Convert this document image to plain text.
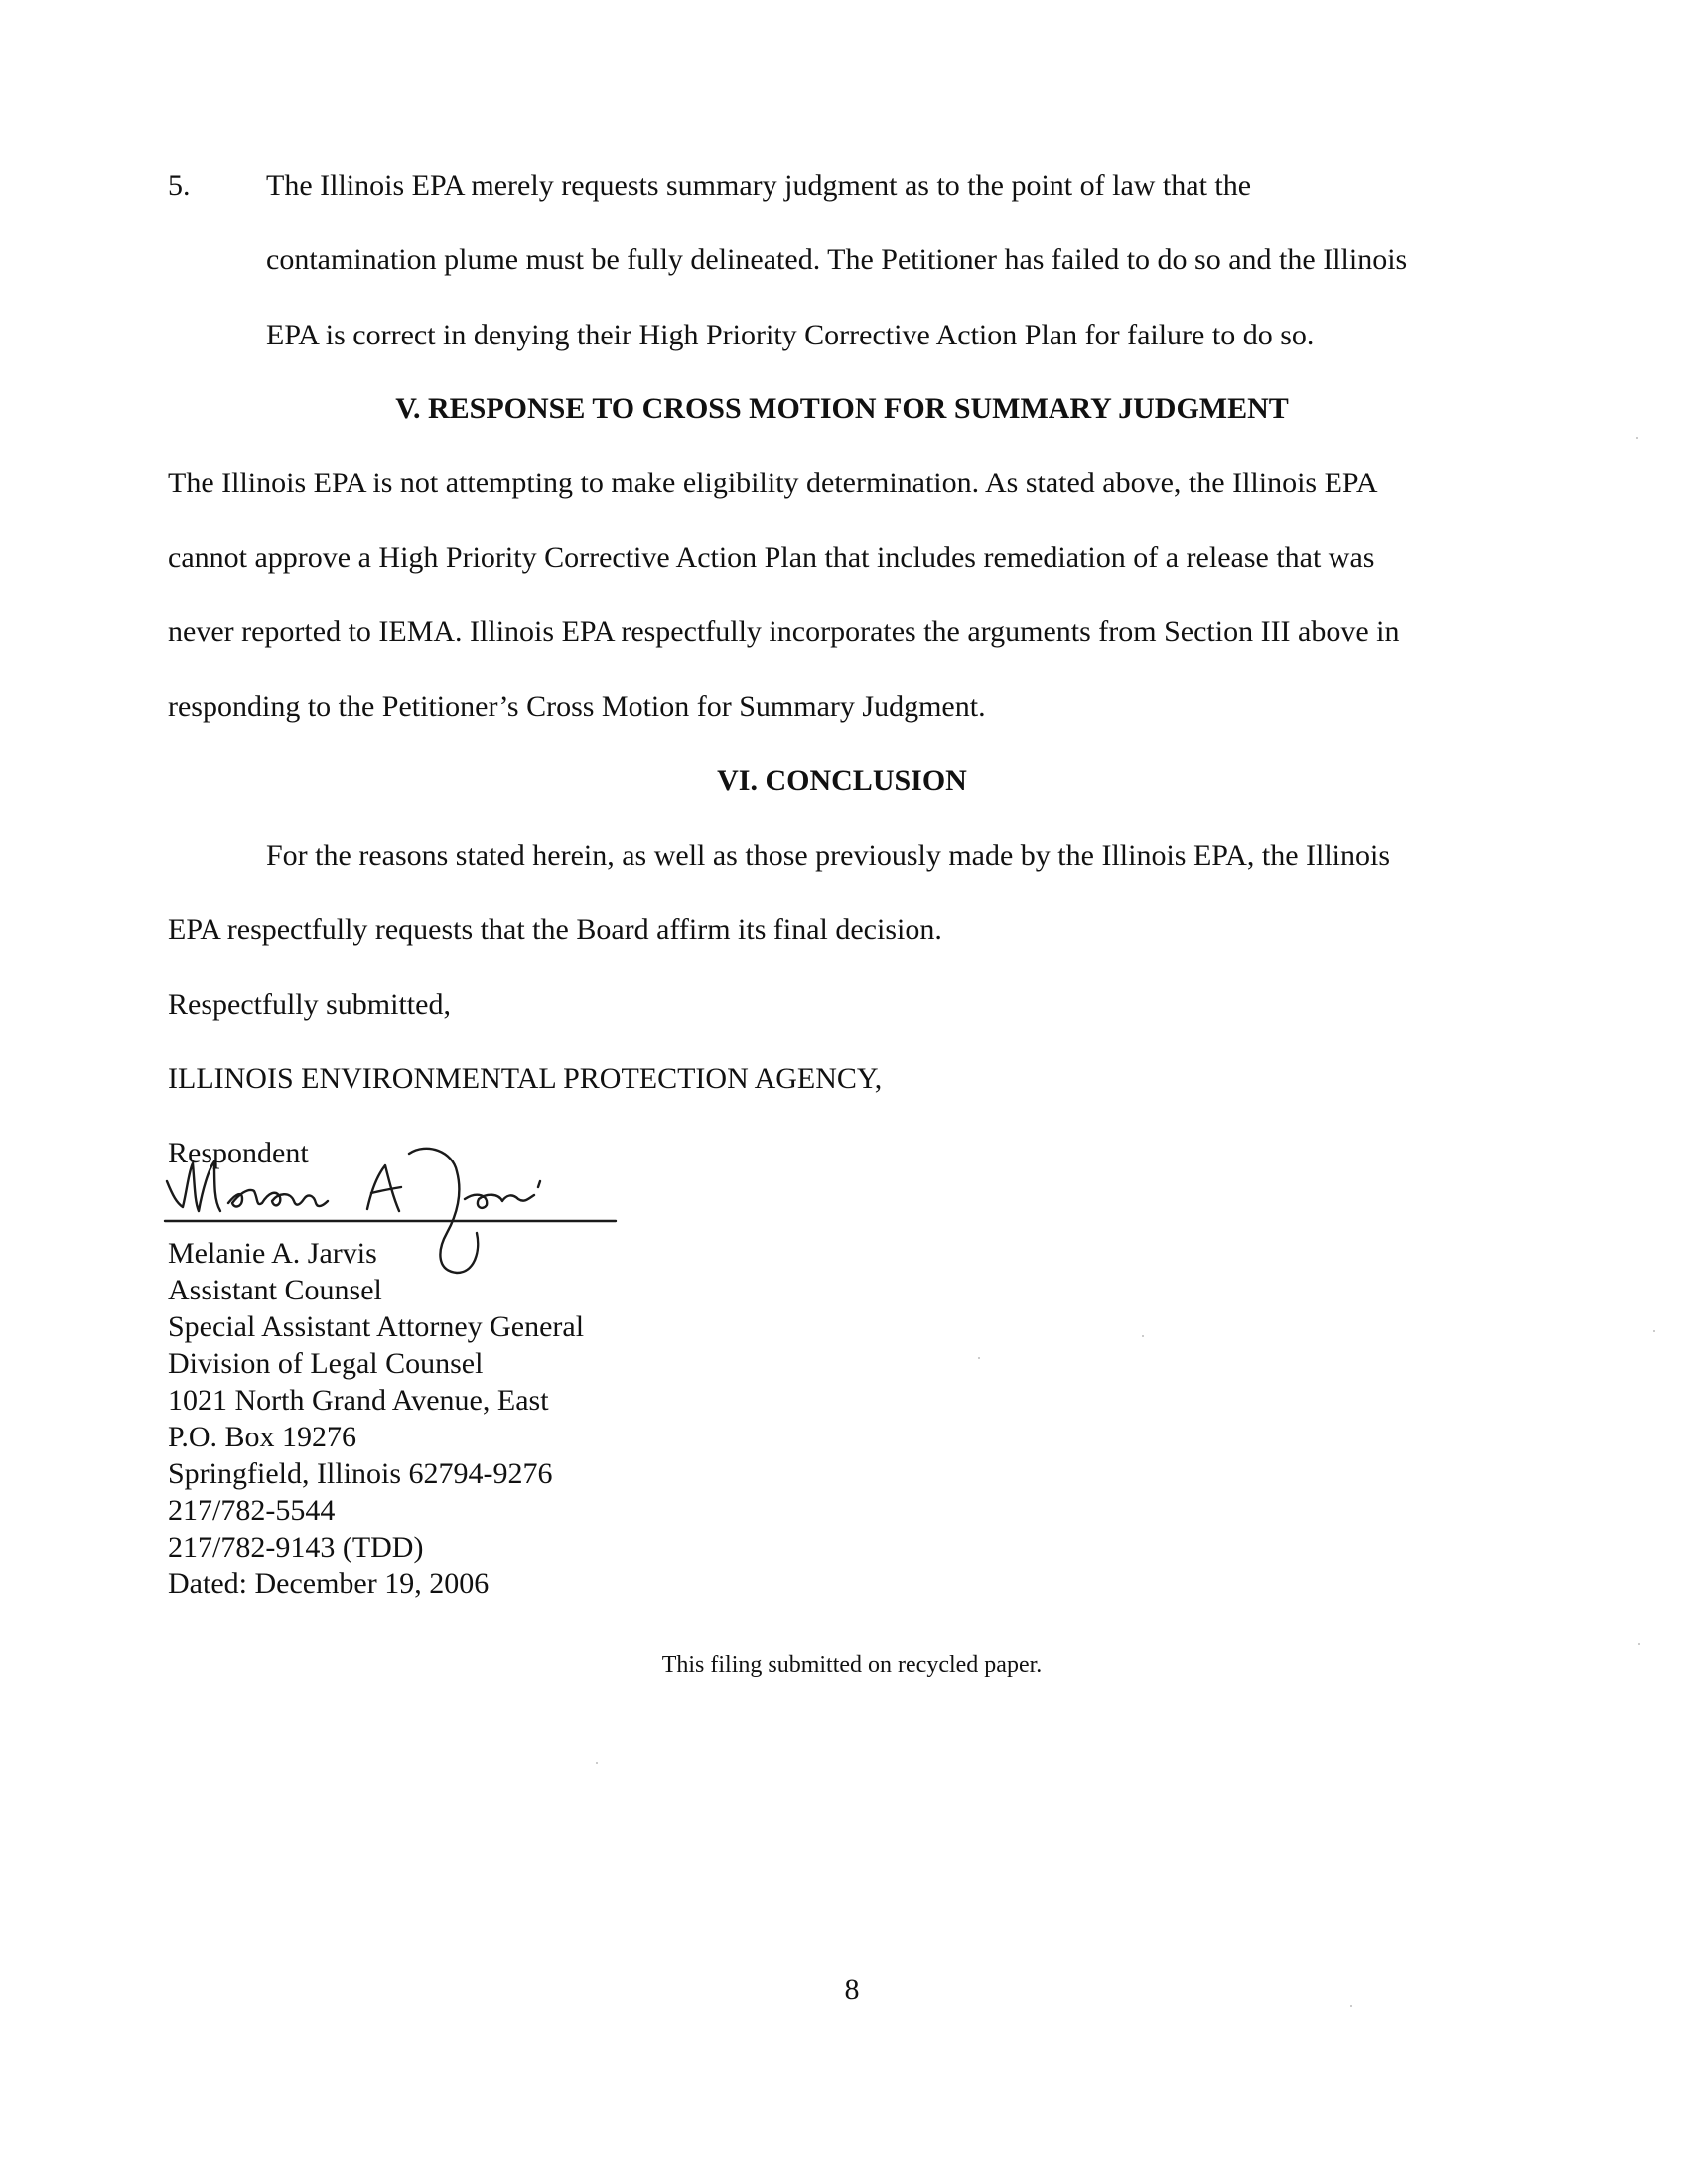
5.	The Illinois EPA merely requests summary judgment as to the point of law that the
contamination plume must be fully delineated. The Petitioner has failed to do so and the Illinois
EPA is correct in denying their High Priority Corrective Action Plan for failure to do so.
V. RESPONSE TO CROSS MOTION FOR SUMMARY JUDGMENT
The Illinois EPA is not attempting to make eligibility determination. As stated above, the Illinois EPA
cannot approve a High Priority Corrective Action Plan that includes remediation of a release that was
never reported to IEMA. Illinois EPA respectfully incorporates the arguments from Section III above in
responding to the Petitioner’s Cross Motion for Summary Judgment.
VI. CONCLUSION
For the reasons stated herein, as well as those previously made by the Illinois EPA, the Illinois
EPA respectfully requests that the Board affirm its final decision.
Respectfully submitted,
ILLINOIS ENVIRONMENTAL PROTECTION AGENCY,
Respondent
Melanie A. Jarvis
Assistant Counsel
Special Assistant Attorney General
Division of Legal Counsel
1021 North Grand Avenue, East
P.O. Box 19276
Springfield, Illinois 62794-9276
217/782-5544
217/782-9143 (TDD)
Dated: December 19, 2006
This filing submitted on recycled paper.
8
